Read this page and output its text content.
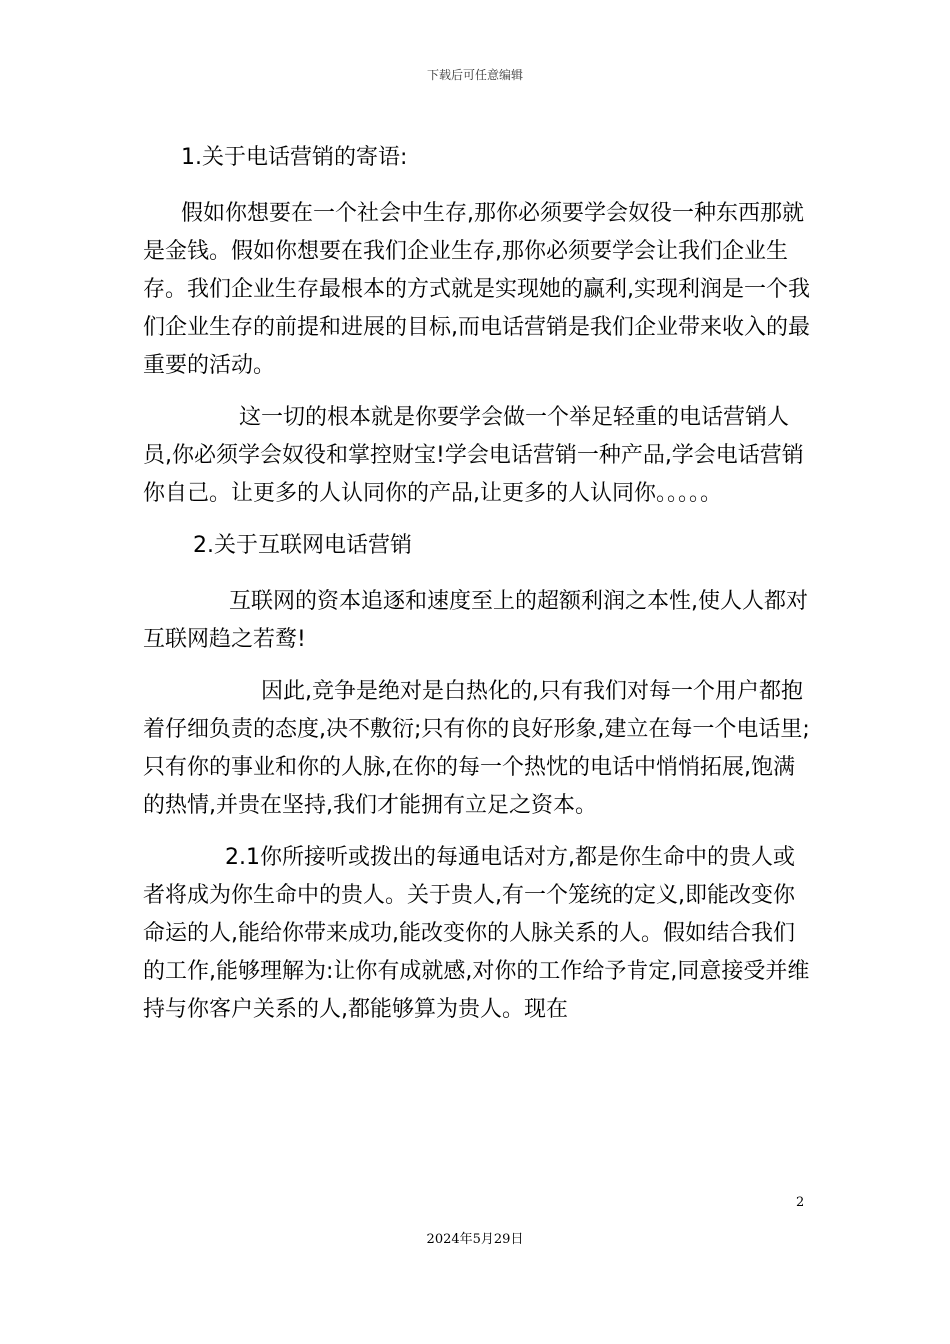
下载后可任意编辑

1.关于电话营销的寄语:

假如你想要在一个社会中生存,那你必须要学会奴役一种东西那就是金钱。假如你想要在我们企业生存,那你必须要学会让我们企业生存。我们企业生存最根本的方式就是实现她的赢利,实现利润是一个我们企业生存的前提和进展的目标,而电话营销是我们企业带来收入的最重要的活动。

这一切的根本就是你要学会做一个举足轻重的电话营销人员,你必须学会奴役和掌控财宝!学会电话营销一种产品,学会电话营销你自己。让更多的人认同你的产品,让更多的人认同你。。。。。

2.关于互联网电话营销

互联网的资本追逐和速度至上的超额利润之本性,使人人都对互联网趋之若鹜!

因此,竞争是绝对是白热化的,只有我们对每一个用户都抱着仔细负责的态度,决不敷衍;只有你的良好形象,建立在每一个电话里;只有你的事业和你的人脉,在你的每一个热忱的电话中悄悄拓展,饱满的热情,并贵在坚持,我们才能拥有立足之资本。

2.1你所接听或拨出的每通电话对方,都是你生命中的贵人或者将成为你生命中的贵人。关于贵人,有一个笼统的定义,即能改变你命运的人,能给你带来成功,能改变你的人脉关系的人。假如结合我们的工作,能够理解为:让你有成就感,对你的工作给予肯定,同意接受并维持与你客户关系的人,都能够算为贵人。现在

2
2024年5月29日
